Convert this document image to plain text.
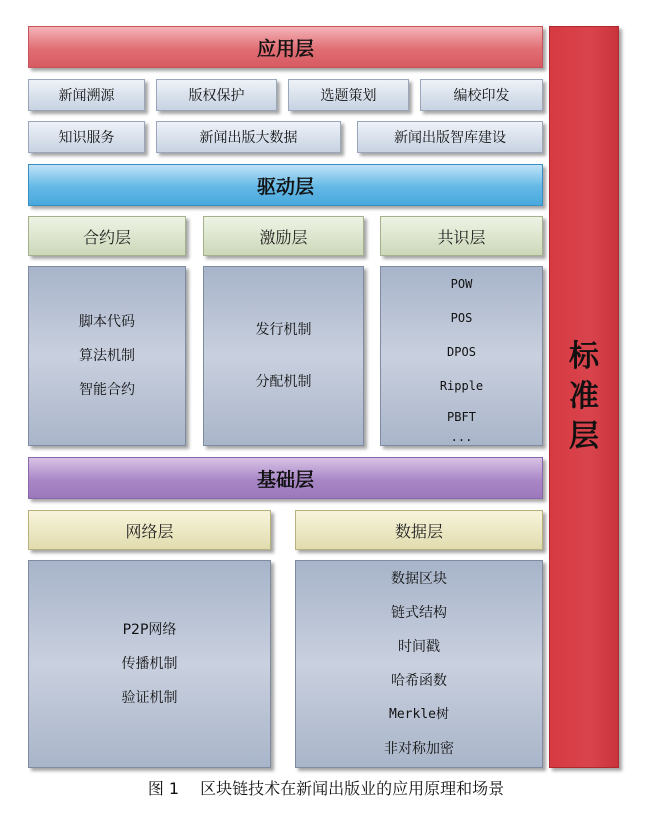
应用层
新闻溯源	版权保护	选题策划	编校印发
知识服务	新闻出版大数据	新闻出版智库建设
驱动层
合约层	激励层	共识层
脚本代码
算法机制
智能合约
发行机制
分配机制
POW
POS
DPOS
Ripple
PBFT
...
基础层
网络层	数据层
P2P网络
传播机制
验证机制
数据区块
链式结构
时间戳
哈希函数
Merkle树
非对称加密
标
准
层
图 1 　区块链技术在新闻出版业的应用原理和场景
